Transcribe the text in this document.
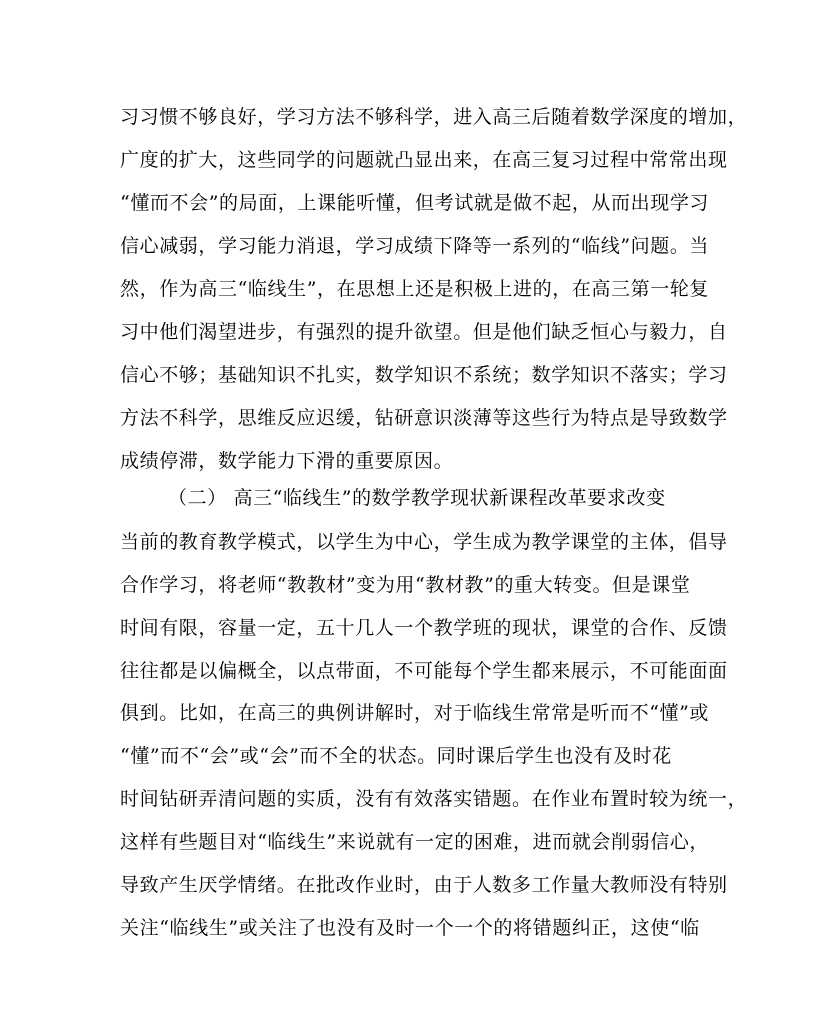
习习惯不够良好，学习方法不够科学，进入高三后随着数学深度的增加，
广度的扩大，这些同学的问题就凸显出来，在高三复习过程中常常出现
“懂而不会”的局面，上课能听懂，但考试就是做不起，从而出现学习
信心减弱，学习能力消退，学习成绩下降等一系列的“临线”问题。当
然，作为高三“临线生”，在思想上还是积极上进的，在高三第一轮复
习中他们渴望进步，有强烈的提升欲望。但是他们缺乏恒心与毅力，自
信心不够；基础知识不扎实，数学知识不系统；数学知识不落实；学习
方法不科学，思维反应迟缓，钻研意识淡薄等这些行为特点是导致数学
成绩停滞，数学能力下滑的重要原因。
（二） 高三“临线生”的数学教学现状新课程改革要求改变
当前的教育教学模式，以学生为中心，学生成为教学课堂的主体，倡导
合作学习，将老师“教教材”变为用“教材教”的重大转变。但是课堂
时间有限，容量一定，五十几人一个教学班的现状，课堂的合作、反馈
往往都是以偏概全，以点带面，不可能每个学生都来展示，不可能面面
俱到。比如，在高三的典例讲解时，对于临线生常常是听而不“懂”或
“懂”而不“会”或“会”而不全的状态。同时课后学生也没有及时花
时间钻研弄清问题的实质，没有有效落实错题。在作业布置时较为统一，
这样有些题目对“临线生”来说就有一定的困难，进而就会削弱信心，
导致产生厌学情绪。在批改作业时，由于人数多工作量大教师没有特别
关注“临线生”或关注了也没有及时一个一个的将错题纠正，这使“临
